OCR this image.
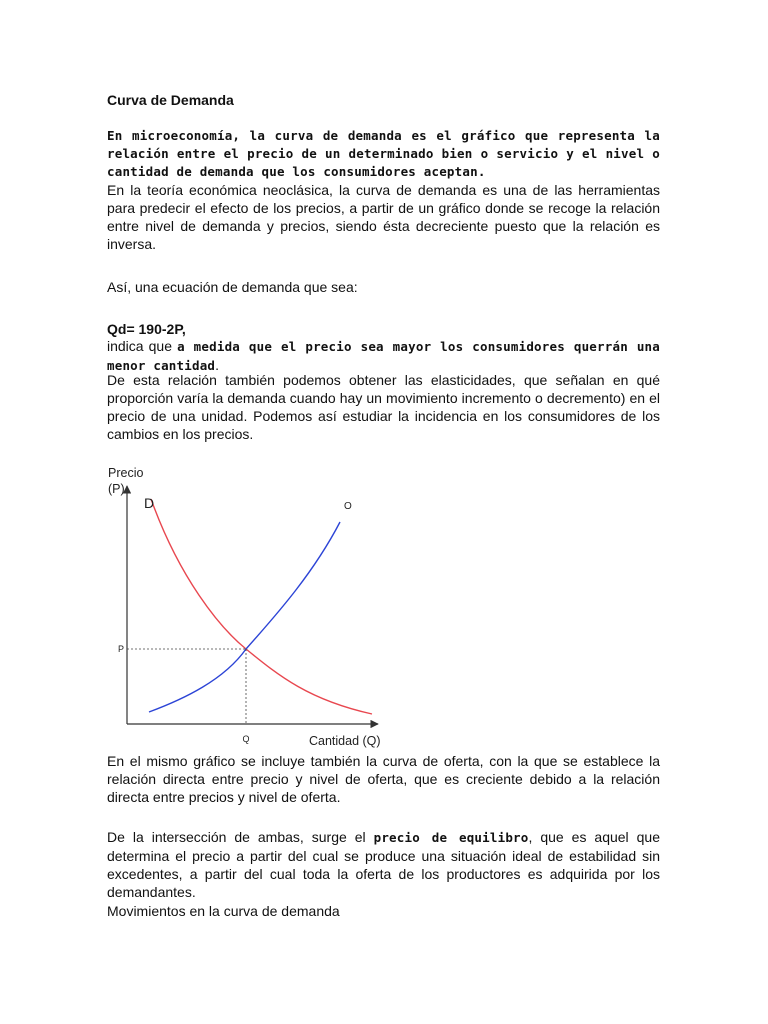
Curva de Demanda

En microeconomía, la curva de demanda es el gráfico que representa la relación entre el precio de un determinado bien o servicio y el nivel o cantidad de demanda que los consumidores aceptan.

En la teoría económica neoclásica, la curva de demanda es una de las herramientas para predecir el efecto de los precios, a partir de un gráfico donde se recoge la relación entre nivel de demanda y precios, siendo ésta decreciente puesto que la relación es inversa.

Así, una ecuación de demanda que sea:

Qd= 190-2P,

indica que a medida que el precio sea mayor los consumidores querrán una menor cantidad.

De esta relación también podemos obtener las elasticidades, que señalan en qué proporción varía la demanda cuando hay un movimiento incremento o decremento) en el precio de una unidad. Podemos así estudiar la incidencia en los consumidores de los cambios en los precios.

Precio
(P)
Cantidad (Q)
Q
P
D	O

En el mismo gráfico se incluye también la curva de oferta, con la que se establece la relación directa entre precio y nivel de oferta, que es creciente debido a la relación directa entre precios y nivel de oferta.

De la intersección de ambas, surge el precio de equilibro, que es aquel que determina el precio a partir del cual se produce una situación ideal de estabilidad sin excedentes, a partir del cual toda la oferta de los productores es adquirida por los demandantes.

Movimientos en la curva de demanda
